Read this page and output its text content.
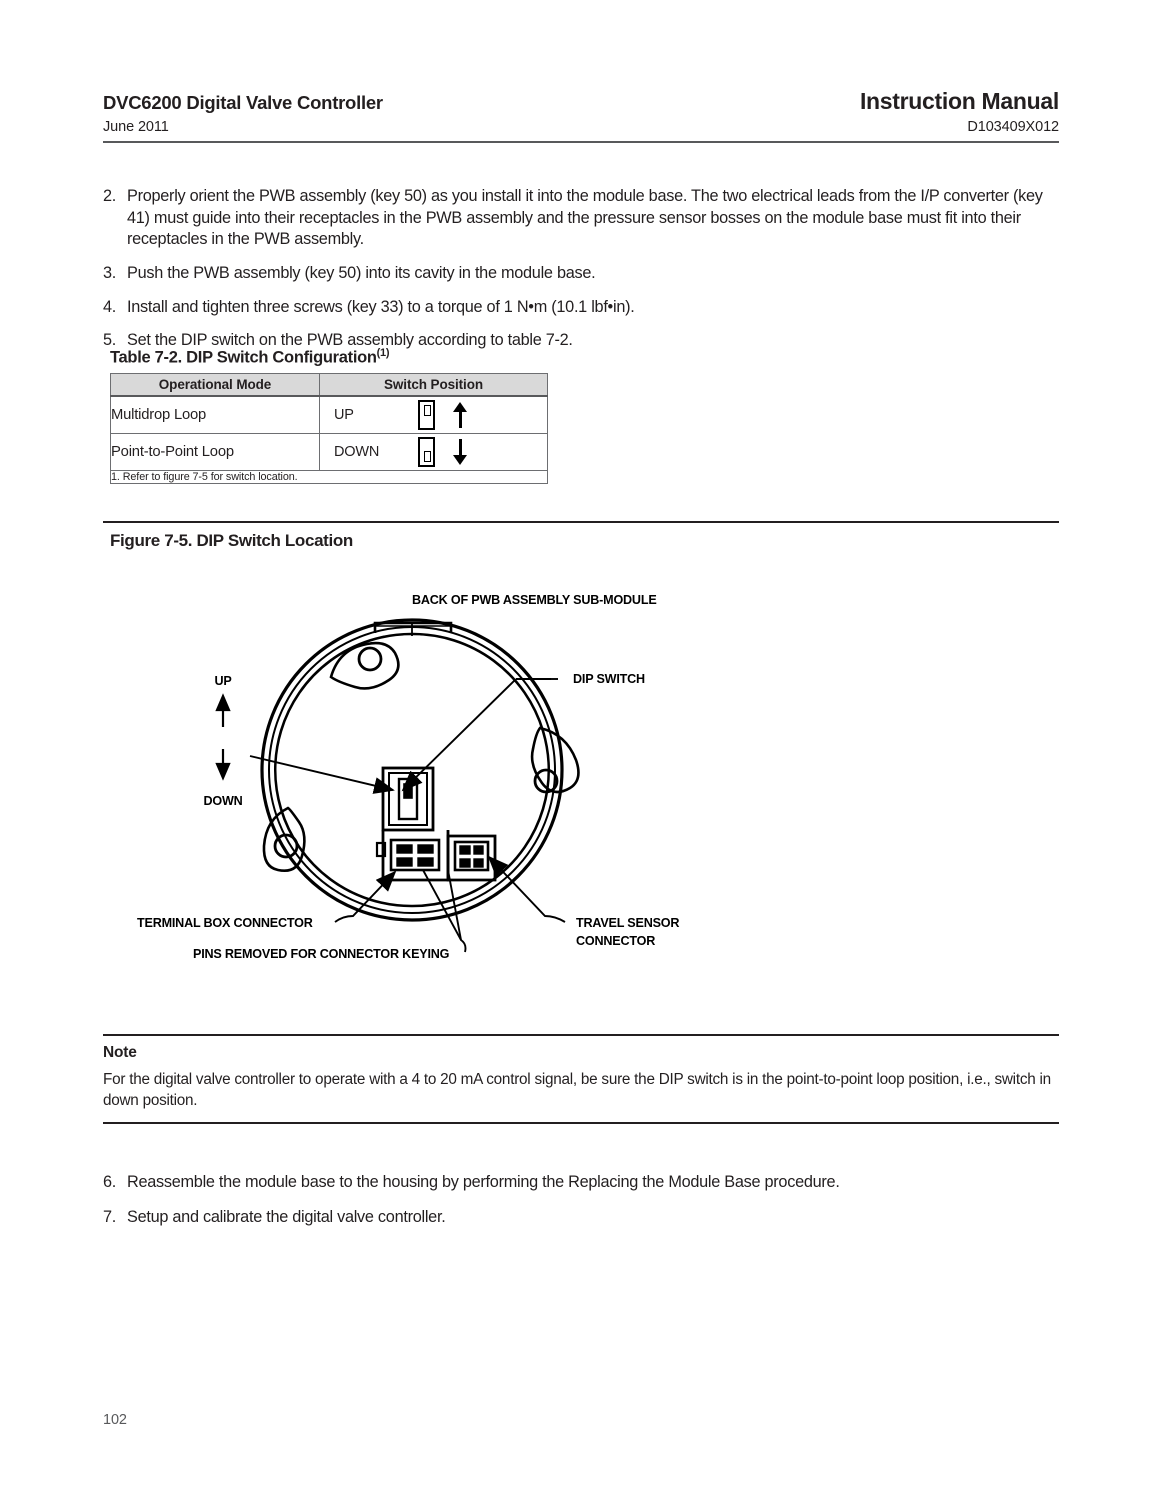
DVC6200 Digital Valve Controller	Instruction Manual
June 2011	D103409X012
2. Properly orient the PWB assembly (key 50) as you install it into the module base. The two electrical leads from the I/P converter (key 41) must guide into their receptacles in the PWB assembly and the pressure sensor bosses on the module base must fit into their receptacles in the PWB assembly.
3. Push the PWB assembly (key 50) into its cavity in the module base.
4. Install and tighten three screws (key 33) to a torque of 1 N•m (10.1 lbf•in).
5. Set the DIP switch on the PWB assembly according to table 7-2.
Table 7-2. DIP Switch Configuration$^{(1)}$
Operational Mode	Switch Position
Multidrop Loop	UP

Point-to-Point Loop	DOWN

1. Refer to figure 7-5 for switch location.	
Figure 7-5. DIP Switch Location
BACK OF PWB ASSEMBLY SUB-MODULE
UP
DOWN
DIP SWITCH
TERMINAL BOX CONNECTOR
PINS REMOVED FOR CONNECTOR KEYING
TRAVEL SENSOR
CONNECTOR
Note
For the digital valve controller to operate with a 4 to 20 mA control signal, be sure the DIP switch is in the point-to-point loop position, i.e., switch in down position.
6. Reassemble the module base to the housing by performing the Replacing the Module Base procedure.
7. Setup and calibrate the digital valve controller.
102
